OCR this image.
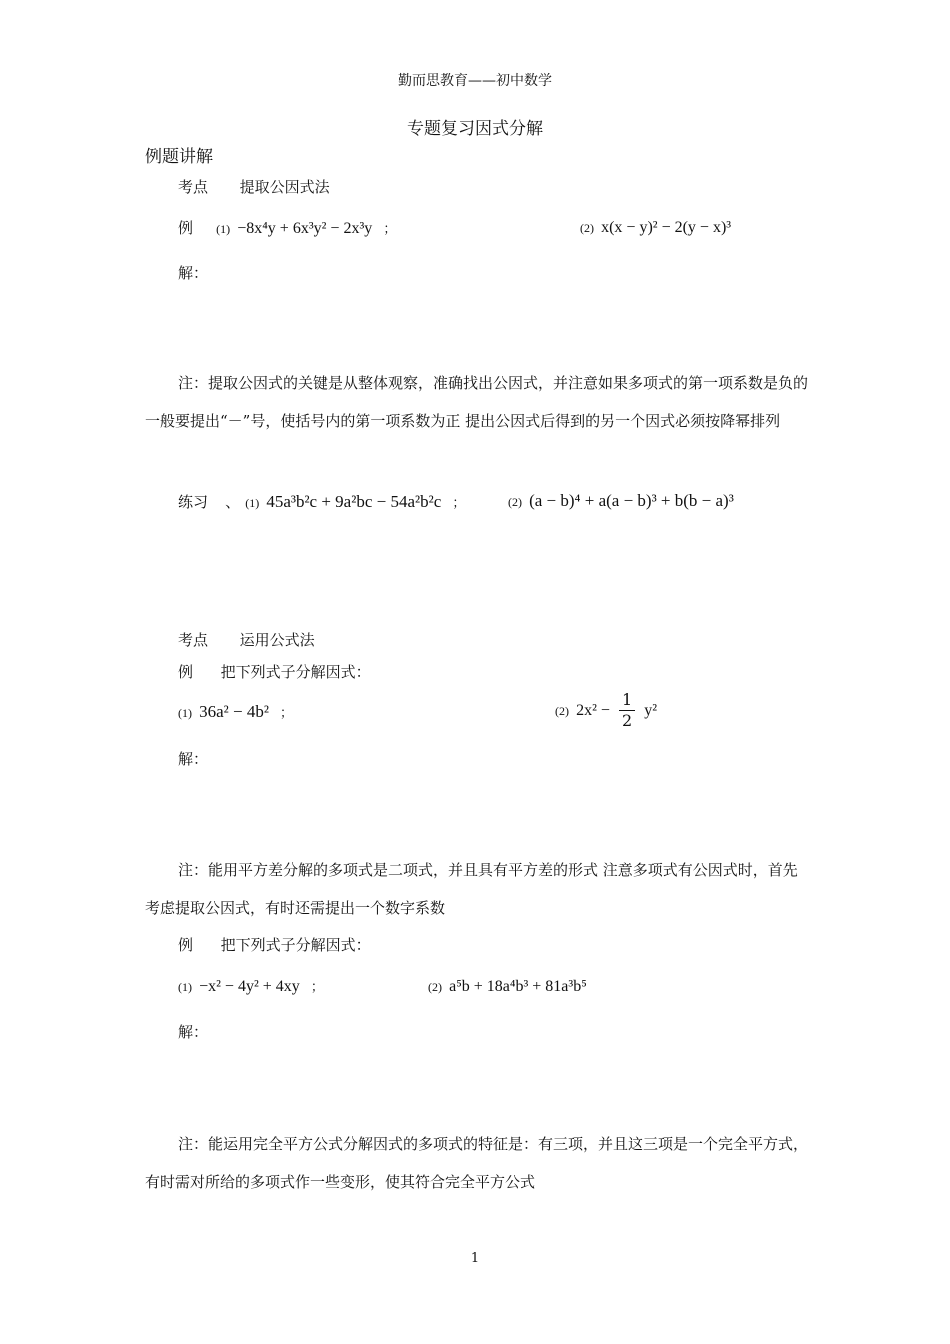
勤而思教育——初中数学
专题复习因式分解
例题讲解
考点 提取公因式法
例 (1) −8x⁴y + 6x³y² − 2x³y ；	(2) x(x − y)² − 2(y − x)³
解：
注：提取公因式的关键是从整体观察，准确找出公因式，并注意如果多项式的第一项系数是负的一般要提出“－”号，使括号内的第一项系数为正 提出公因式后得到的另一个因式必须按降幂排列
练习 、 (1) 45a³b²c + 9a²bc − 54a²b²c ；	(2) (a − b)⁴ + a(a − b)³ + b(b − a)³
考点 运用公式法
例 把下列式子分解因式：
(1) 36a² − 4b² ；	(2) $2x^2 - \frac{1}{2} y^2$
解：
注：能用平方差分解的多项式是二项式，并且具有平方差的形式 注意多项式有公因式时，首先考虑提取公因式，有时还需提出一个数字系数
例 把下列式子分解因式：
(1) −x² − 4y² + 4xy ；	(2) a⁵b + 18a⁴b³ + 81a³b⁵
解：
注：能运用完全平方公式分解因式的多项式的特征是：有三项，并且这三项是一个完全平方式，有时需对所给的多项式作一些变形，使其符合完全平方公式
1
